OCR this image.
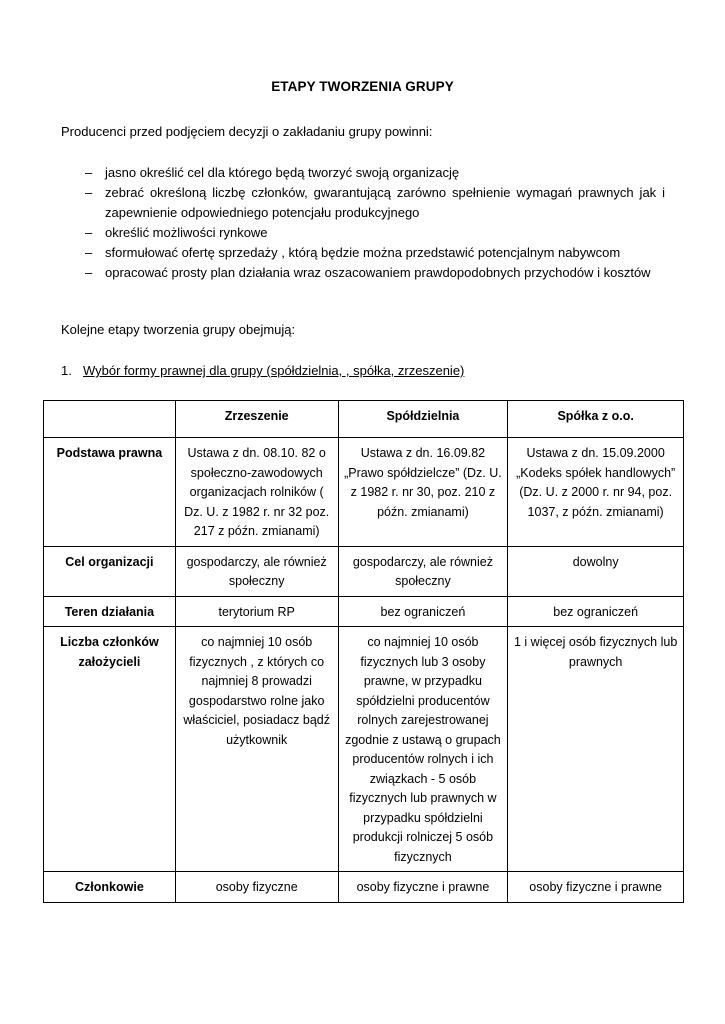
ETAPY TWORZENIA GRUPY
Producenci przed podjęciem decyzji o zakładaniu grupy powinni:
– jasno określić cel dla którego będą tworzyć swoją organizację
– zebrać określoną liczbę członków, gwarantującą zarówno spełnienie wymagań prawnych jak i zapewnienie odpowiedniego potencjału produkcyjnego
– określić możliwości rynkowe
– sformułować ofertę sprzedaży , którą będzie można przedstawić potencjalnym nabywcom
– opracować prosty plan działania wraz oszacowaniem prawdopodobnych przychodów i kosztów
Kolejne etapy tworzenia grupy obejmują:
1. Wybór formy prawnej dla grupy (spółdzielnia, , spółka, zrzeszenie)
	Zrzeszenie	Spółdzielnia	Spółka z o.o.
Podstawa prawna	Ustawa z dn. 08.10. 82 o społeczno-zawodowych organizacjach rolników ( Dz. U. z 1982 r. nr 32 poz. 217 z późn. zmianami)	Ustawa z dn. 16.09.82 „Prawo spółdzielcze” (Dz. U. z 1982 r. nr 30, poz. 210 z późn. zmianami)	Ustawa z dn. 15.09.2000 „Kodeks spółek handlowych” (Dz. U. z 2000 r. nr 94, poz. 1037, z późn. zmianami)
Cel organizacji	gospodarczy, ale również społeczny	gospodarczy, ale również społeczny	dowolny
Teren działania	terytorium RP	bez ograniczeń	bez ograniczeń
Liczba członków założycieli	co najmniej 10 osób fizycznych , z których co najmniej 8 prowadzi gospodarstwo rolne jako właściciel, posiadacz bądź użytkownik	co najmniej 10 osób fizycznych lub 3 osoby prawne, w przypadku spółdzielni producentów rolnych zarejestrowanej zgodnie z ustawą o grupach producentów rolnych i ich związkach - 5 osób fizycznych lub prawnych w przypadku spółdzielni produkcji rolniczej 5 osób fizycznych	1 i więcej osób fizycznych lub prawnych
Członkowie	osoby fizyczne	osoby fizyczne i prawne	osoby fizyczne i prawne
